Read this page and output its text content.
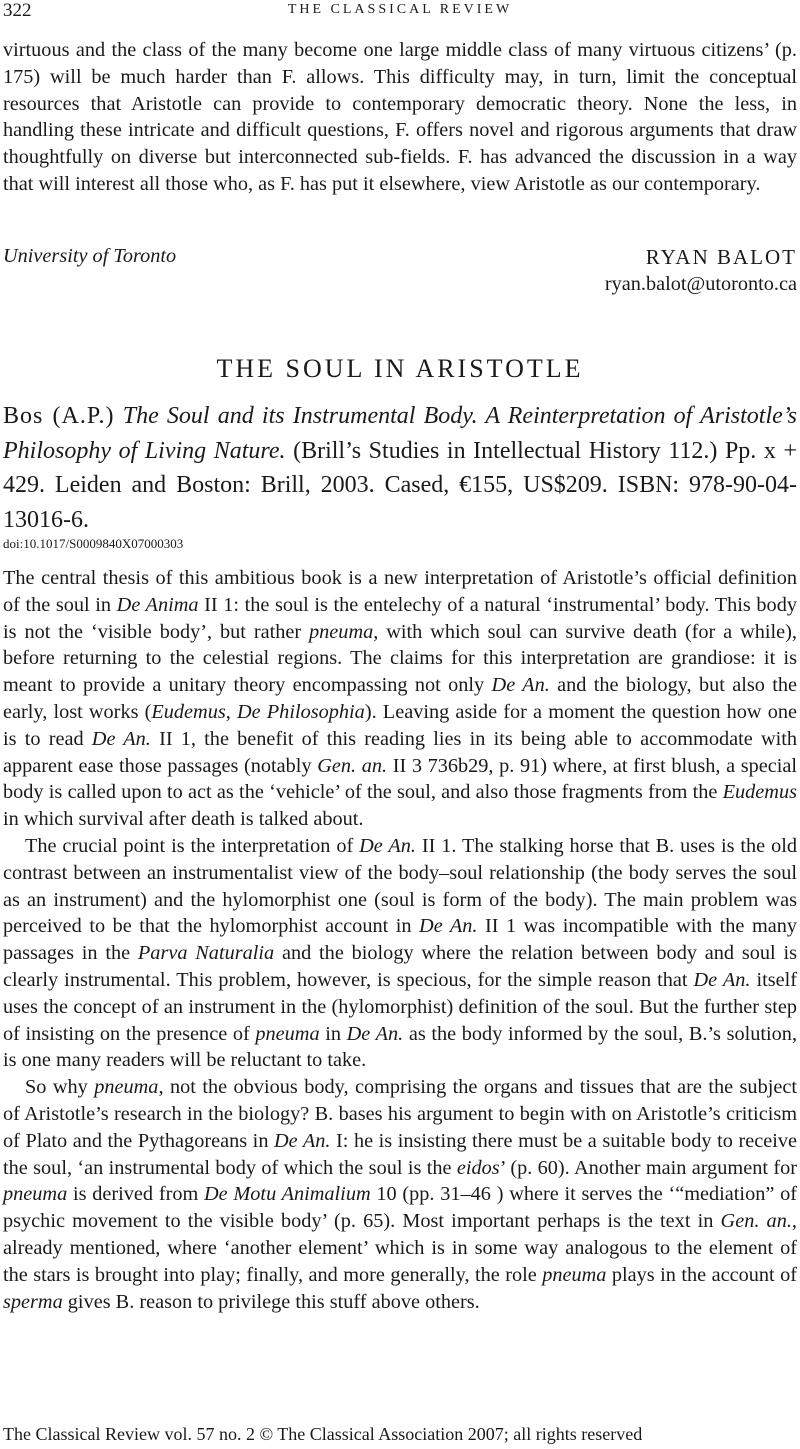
322	THE CLASSICAL REVIEW

virtuous and the class of the many become one large middle class of many virtuous citizens’ (p. 175) will be much harder than F. allows. This difficulty may, in turn, limit the conceptual resources that Aristotle can provide to contemporary democratic theory. None the less, in handling these intricate and difficult questions, F. offers novel and rigorous arguments that draw thoughtfully on diverse but interconnected sub-fields. F. has advanced the discussion in a way that will interest all those who, as F. has put it elsewhere, view Aristotle as our contemporary.

University of Toronto	RYAN BALOT
ryan.balot@utoronto.ca
THE SOUL IN ARISTOTLE
Bos (A.P.) The Soul and its Instrumental Body. A Reinterpretation of Aristotle’s Philosophy of Living Nature. (Brill’s Studies in Intellectual History 112.) Pp. x + 429. Leiden and Boston: Brill, 2003. Cased, €155, US$209. ISBN: 978-90-04-13016-6.
doi:10.1017/S0009840X07000303

The central thesis of this ambitious book is a new interpretation of Aristotle’s official definition of the soul in De Anima II 1: the soul is the entelechy of a natural ‘instrumental’ body. This body is not the ‘visible body’, but rather pneuma, with which soul can survive death (for a while), before returning to the celestial regions. The claims for this interpretation are grandiose: it is meant to provide a unitary theory encompassing not only De An. and the biology, but also the early, lost works (Eudemus, De Philosophia). Leaving aside for a moment the question how one is to read De An. II 1, the benefit of this reading lies in its being able to accommodate with apparent ease those passages (notably Gen. an. II 3 736b29, p. 91) where, at first blush, a special body is called upon to act as the ‘vehicle’ of the soul, and also those fragments from the Eudemus in which survival after death is talked about.

The crucial point is the interpretation of De An. II 1. The stalking horse that B. uses is the old contrast between an instrumentalist view of the body–soul relationship (the body serves the soul as an instrument) and the hylomorphist one (soul is form of the body). The main problem was perceived to be that the hylomorphist account in De An. II 1 was incompatible with the many passages in the Parva Naturalia and the biology where the relation between body and soul is clearly instrumental. This problem, however, is specious, for the simple reason that De An. itself uses the concept of an instrument in the (hylomorphist) definition of the soul. But the further step of insisting on the presence of pneuma in De An. as the body informed by the soul, B.’s solution, is one many readers will be reluctant to take.

So why pneuma, not the obvious body, comprising the organs and tissues that are the subject of Aristotle’s research in the biology? B. bases his argument to begin with on Aristotle’s criticism of Plato and the Pythagoreans in De An. I: he is insisting there must be a suitable body to receive the soul, ‘an instrumental body of which the soul is the eidos’ (p. 60). Another main argument for pneuma is derived from De Motu Animalium 10 (pp. 31–46 ) where it serves the ‘“mediation” of psychic movement to the visible body’ (p. 65). Most important perhaps is the text in Gen. an., already mentioned, where ‘another element’ which is in some way analogous to the element of the stars is brought into play; finally, and more generally, the role pneuma plays in the account of sperma gives B. reason to privilege this stuff above others.

The Classical Review vol. 57 no. 2 © The Classical Association 2007; all rights reserved
